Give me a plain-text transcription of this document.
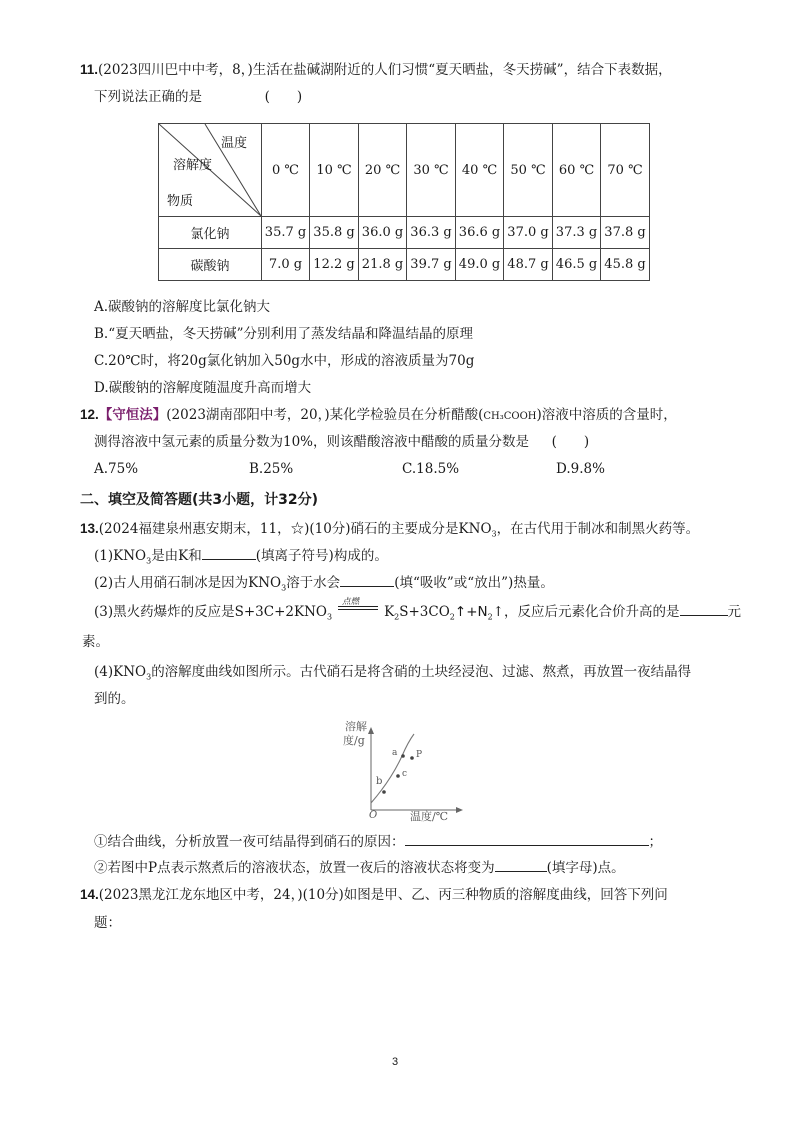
11.(2023四川巴中中考，8，)生活在盐碱湖附近的人们习惯“夏天晒盐，冬天捞碱”，结合下表数据，
下列说法正确的是	(　　)
温度
溶解度
物质	0 ℃	10 ℃	20 ℃	30 ℃	40 ℃	50 ℃	60 ℃	70 ℃
氯化钠	35.7 g	35.8 g	36.0 g	36.3 g	36.6 g	37.0 g	37.3 g	37.8 g
碳酸钠	7.0 g	12.2 g	21.8 g	39.7 g	49.0 g	48.7 g	46.5 g	45.8 g
A.碳酸钠的溶解度比氯化钠大
B.“夏天晒盐，冬天捞碱”分别利用了蒸发结晶和降温结晶的原理
C.20℃时，将20g氯化钠加入50g水中，形成的溶液质量为70g
D.碳酸钠的溶解度随温度升高而增大
12.【守恒法】(2023湖南邵阳中考，20，)某化学检验员在分析醋酸(CH₃COOH)溶液中溶质的含量时，
测得溶液中氢元素的质量分数为10%，则该醋酸溶液中醋酸的质量分数是 (　　)
A.75%	B.25%	C.18.5%	D.9.8%
二、填空及简答题(共3小题，计32分)
13.(2024福建泉州惠安期末，11，☆)(10分)硝石的主要成分是$KNO_3$，在古代用于制冰和制黑火药等。
$(1)KNO_3$是由K和	(填离子符号)构成的。
(2)古人用硝石制冰是因为$KNO_3$溶于水会	(填“吸收”或“放出”)热量。
(3)黑火药爆炸的反应是$S+3C+2KNO_3$
点燃
$K_2S+3CO_2↑+N_2↑$，反应后元素化合价升高的是	元
素。
$(4)KNO_3$的溶解度曲线如图所示。古代硝石是将含硝的土块经浸泡、过滤、熬煮，再放置一夜结晶得
到的。
溶解
度/g
a P
b
c
O	温度/℃
①结合曲线，分析放置一夜可结晶得到硝石的原因：	；
②若图中P点表示熬煮后的溶液状态，放置一夜后的溶液状态将变为	(填字母)点。
14.(2023黑龙江龙东地区中考，24，)(10分)如图是甲、乙、丙三种物质的溶解度曲线，回答下列问
题：
3
